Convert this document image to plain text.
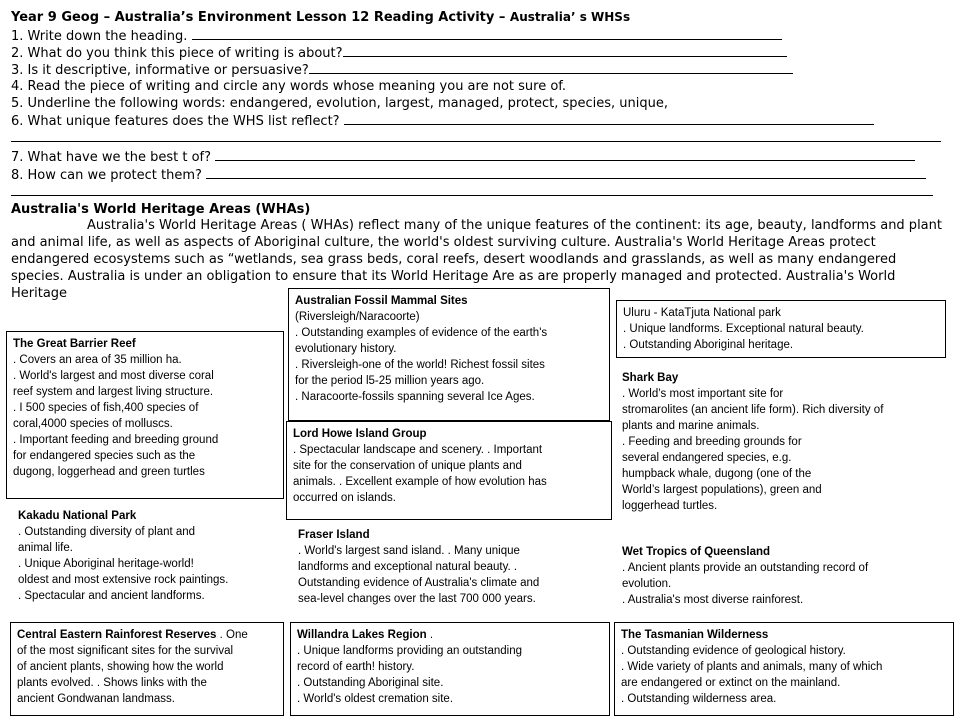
Year 9 Geog – Australia’s Environment Lesson 12 Reading Activity – Australia’ s WHSs
1. Write down the heading.
2. What do you think this piece of writing is about?
3. Is it descriptive, informative or persuasive?
4. Read the piece of writing and circle any words whose meaning you are not sure of.
5. Underline the following words: endangered, evolution, largest, managed, protect, species, unique,
6. What unique features does the WHS list reflect?
7. What have we the best t of?
8. How can we protect them?
Australia's World Heritage Areas (WHAs)
Australia's World Heritage Areas ( WHAs) reflect many of the unique features of the continent: its age, beauty, landforms and plant and animal life, as well as aspects of Aboriginal culture, the world's oldest surviving culture. Australia's World Heritage Areas protect endangered ecosystems such as “wetlands, sea grass beds, coral reefs, desert woodlands and grasslands, as well as many endangered species. Australia is under an obligation to ensure that its World Heritage Are as are properly managed and protected. Australia's World Heritage
The Great Barrier Reef
. Covers an area of 35 million ha.
. World's largest and most diverse coral
reef system and largest living structure.
. I 500 species of fish,400 species of
coral,4000 species of molluscs.
. Important feeding and breeding ground
for endangered species such as the
dugong, loggerhead and green turtles
Australian Fossil Mammal Sites
(Riversleigh/Naracoorte)
. Outstanding examples of evidence of the earth's
evolutionary history.
. Riversleigh-one of the world! Richest fossil sites
for the period l5-25 million years ago.
. Naracoorte-fossils spanning several Ice Ages.
Uluru - KataTjuta National park
. Unique landforms. Exceptional natural beauty.
. Outstanding Aboriginal heritage.
Shark Bay
. World’s most important site for
stromarolites (an ancient life form). Rich diversity of
plants and marine animals.
. Feeding and breeding grounds for
several endangered species, e.g.
humpback whale, dugong (one of the
World’s largest populations), green and
loggerhead turtles.
Lord Howe Island Group
. Spectacular landscape and scenery. . Important
site for the conservation of unique plants and
animals. . Excellent example of how evolution has
occurred on islands.
Kakadu National Park
. Outstanding diversity of plant and
animal life.
. Unique Aboriginal heritage-world!
oldest and most extensive rock paintings.
. Spectacular and ancient landforms.
Fraser Island
. World's largest sand island. . Many unique
landforms and exceptional natural beauty. .
Outstanding evidence of Australia's climate and
sea-level changes over the last 700 000 years.
Wet Tropics of Queensland
. Ancient plants provide an outstanding record of
evolution.
. Australia's most diverse rainforest.
Central Eastern Rainforest Reserves . One
of the most significant sites for the survival
of ancient plants, showing how the world
plants evolved. . Shows links with the
ancient Gondwanan landmass.
Willandra Lakes Region .
. Unique landforms providing an outstanding
record of earth! history.
. Outstanding Aboriginal site.
. World's oldest cremation site.
The Tasmanian Wilderness
. Outstanding evidence of geological history.
. Wide variety of plants and animals, many of which
are endangered or extinct on the mainland.
. Outstanding wilderness area.
